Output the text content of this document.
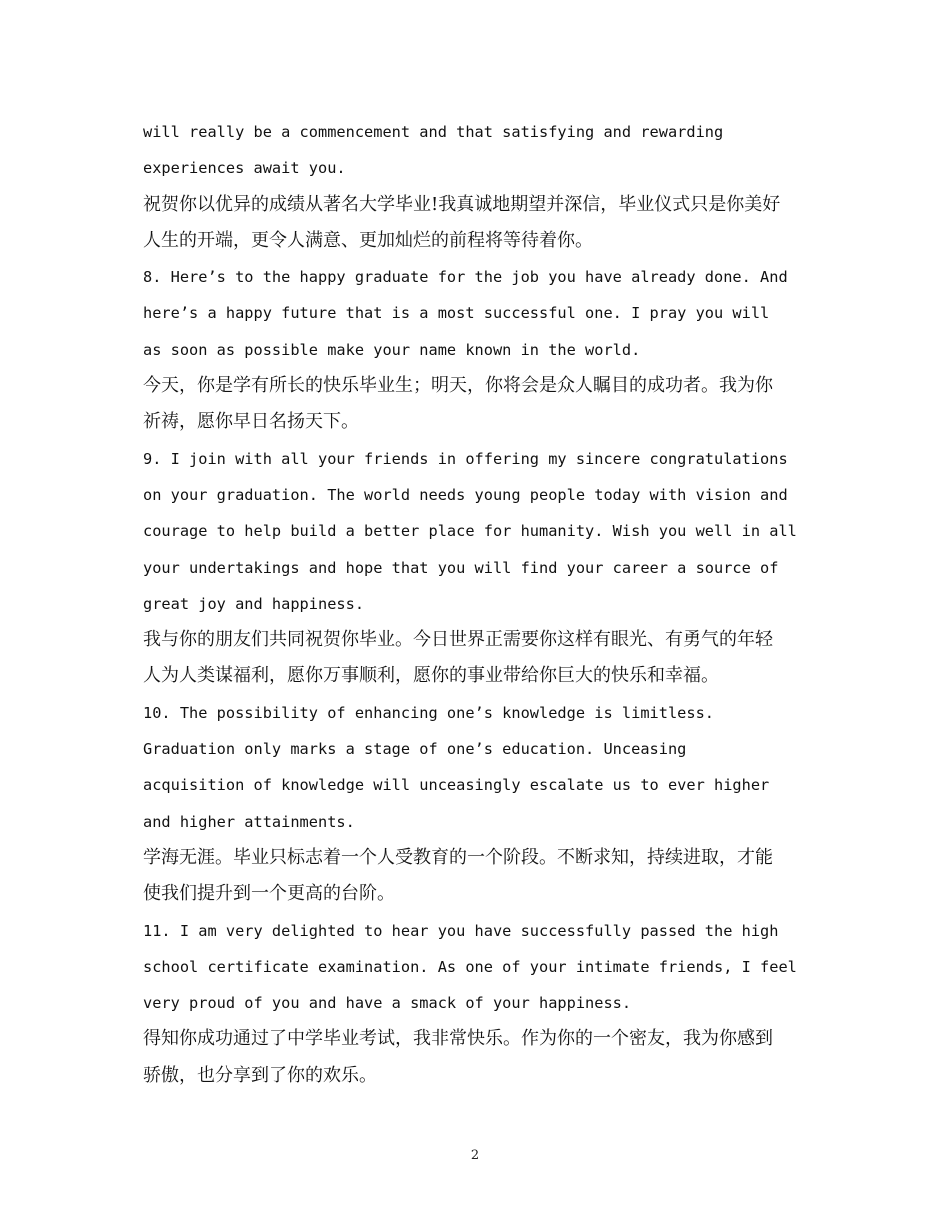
will really be a commencement and that satisfying and rewarding
experiences await you.
祝贺你以优异的成绩从著名大学毕业!我真诚地期望并深信，毕业仪式只是你美好
人生的开端，更令人满意、更加灿烂的前程将等待着你。
8. Here’s to the happy graduate for the job you have already done. And
here’s a happy future that is a most successful one. I pray you will
as soon as possible make your name known in the world.
今天，你是学有所长的快乐毕业生；明天，你将会是众人瞩目的成功者。我为你
祈祷，愿你早日名扬天下。
9. I join with all your friends in offering my sincere congratulations
on your graduation. The world needs young people today with vision and
courage to help build a better place for humanity. Wish you well in all
your undertakings and hope that you will find your career a source of
great joy and happiness.
我与你的朋友们共同祝贺你毕业。今日世界正需要你这样有眼光、有勇气的年轻
人为人类谋福利，愿你万事顺利，愿你的事业带给你巨大的快乐和幸福。
10. The possibility of enhancing one’s knowledge is limitless.
Graduation only marks a stage of one’s education. Unceasing
acquisition of knowledge will unceasingly escalate us to ever higher
and higher attainments.
学海无涯。毕业只标志着一个人受教育的一个阶段。不断求知，持续进取，才能
使我们提升到一个更高的台阶。
11. I am very delighted to hear you have successfully passed the high
school certificate examination. As one of your intimate friends, I feel
very proud of you and have a smack of your happiness.
得知你成功通过了中学毕业考试，我非常快乐。作为你的一个密友，我为你感到
骄傲，也分享到了你的欢乐。
2
